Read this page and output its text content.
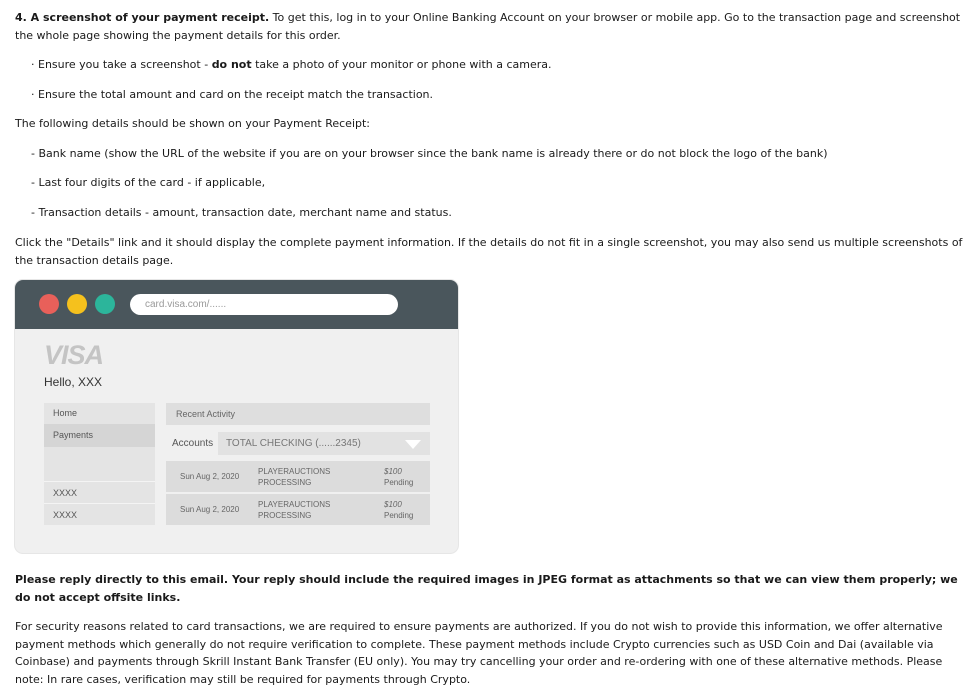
4. A screenshot of your payment receipt. To get this, log in to your Online Banking Account on your browser or mobile app. Go to the transaction page and screenshot the whole page showing the payment details for this order.
· Ensure you take a screenshot - do not take a photo of your monitor or phone with a camera.
· Ensure the total amount and card on the receipt match the transaction.
The following details should be shown on your Payment Receipt:
- Bank name (show the URL of the website if you are on your browser since the bank name is already there or do not block the logo of the bank)
- Last four digits of the card - if applicable,
- Transaction details - amount, transaction date, merchant name and status.
Click the "Details" link and it should display the complete payment information. If the details do not fit in a single screenshot, you may also send us multiple screenshots of the transaction details page.
card.visa.com/......
VISA
Hello, XXX
Home
Payments
XXXX
XXXX
Recent Activity
Accounts	TOTAL CHECKING (......2345)
Sun Aug 2, 2020
PLAYERAUCTIONS
PROCESSING
$100
Pending
Sun Aug 2, 2020
PLAYERAUCTIONS
PROCESSING
$100
Pending
Please reply directly to this email. Your reply should include the required images in JPEG format as attachments so that we can view them properly; we do not accept offsite links.
For security reasons related to card transactions, we are required to ensure payments are authorized. If you do not wish to provide this information, we offer alternative payment methods which generally do not require verification to complete. These payment methods include Crypto currencies such as USD Coin and Dai (available via Coinbase) and payments through Skrill Instant Bank Transfer (EU only). You may try cancelling your order and re-ordering with one of these alternative methods. Please note: In rare cases, verification may still be required for payments through Crypto.
